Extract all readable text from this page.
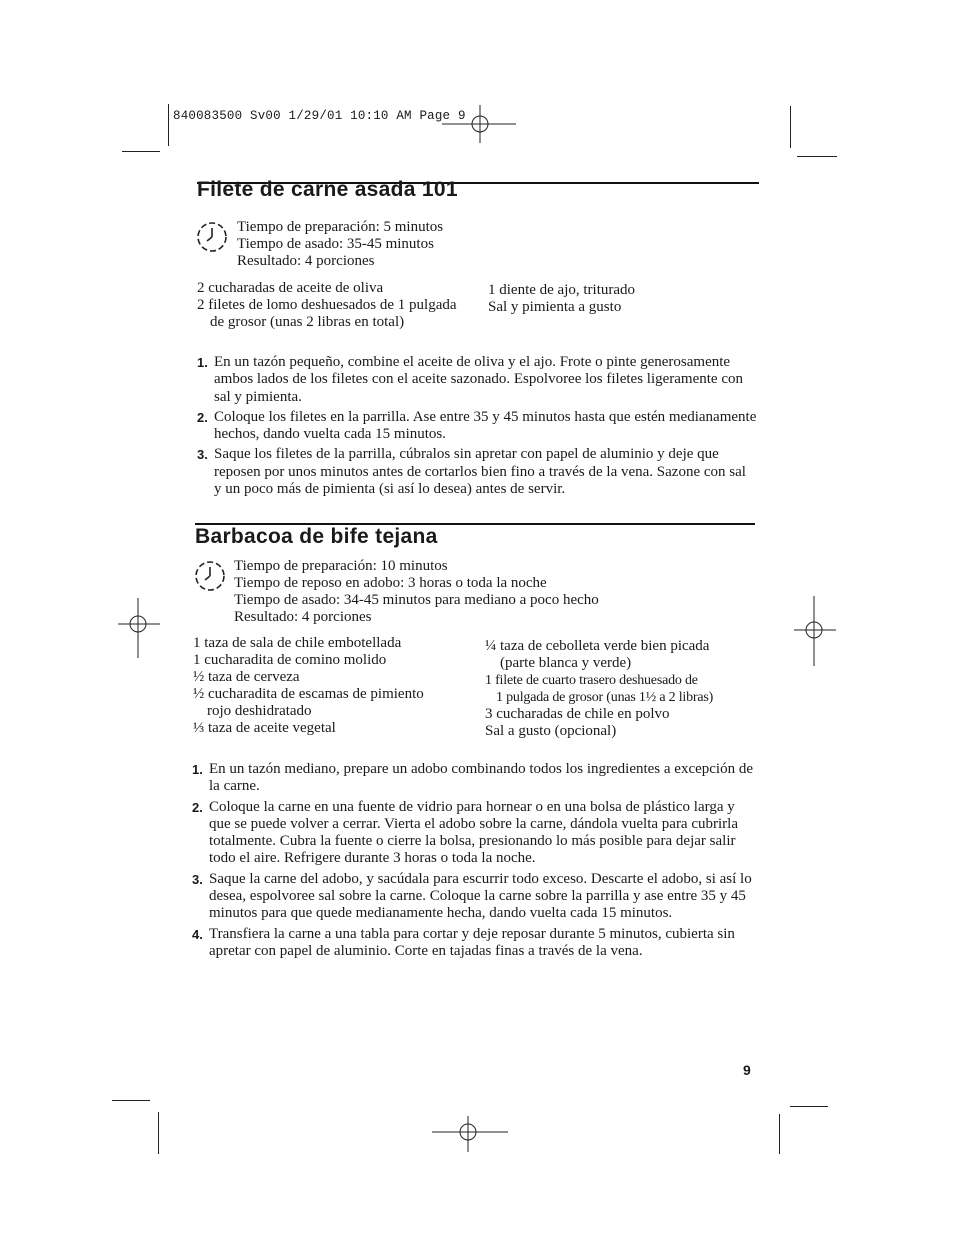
840083500 Sv00 1/29/01 10:10 AM Page 9
Filete de carne asada 101
Tiempo de preparación: 5 minutos
Tiempo de asado: 35-45 minutos
Resultado: 4 porciones
2 cucharadas de aceite de oliva
2 filetes de lomo deshuesados de 1 pulgada
de grosor (unas 2 libras en total)
1 diente de ajo, triturado
Sal y pimienta a gusto
1. En un tazón pequeño, combine el aceite de oliva y el ajo. Frote o pinte generosamente ambos lados de los filetes con el aceite sazonado. Espolvoree los filetes ligeramente con sal y pimienta.
2. Coloque los filetes en la parrilla. Ase entre 35 y 45 minutos hasta que estén medianamente hechos, dando vuelta cada 15 minutos.
3. Saque los filetes de la parrilla, cúbralos sin apretar con papel de aluminio y deje que reposen por unos minutos antes de cortarlos bien fino a través de la vena. Sazone con sal y un poco más de pimienta (si así lo desea) antes de servir.
Barbacoa de bife tejana
Tiempo de preparación: 10 minutos
Tiempo de reposo en adobo: 3 horas o toda la noche
Tiempo de asado: 34-45 minutos para mediano a poco hecho
Resultado: 4 porciones
1 taza de sala de chile embotellada
1 cucharadita de comino molido
½ taza de cerveza
½ cucharadita de escamas de pimiento
rojo deshidratado
⅓ taza de aceite vegetal
¼ taza de cebolleta verde bien picada
(parte blanca y verde)
1 filete de cuarto trasero deshuesado de
1 pulgada de grosor (unas 1½ a 2 libras)
3 cucharadas de chile en polvo
Sal a gusto (opcional)
1. En un tazón mediano, prepare un adobo combinando todos los ingredientes a excepción de la carne.
2. Coloque la carne en una fuente de vidrio para hornear o en una bolsa de plástico larga y que se puede volver a cerrar. Vierta el adobo sobre la carne, dándola vuelta para cubrirla totalmente. Cubra la fuente o cierre la bolsa, presionando lo más posible para dejar salir todo el aire. Refrigere durante 3 horas o toda la noche.
3. Saque la carne del adobo, y sacúdala para escurrir todo exceso. Descarte el adobo, si así lo desea, espolvoree sal sobre la carne. Coloque la carne sobre la parrilla y ase entre 35 y 45 minutos para que quede medianamente hecha, dando vuelta cada 15 minutos.
4. Transfiera la carne a una tabla para cortar y deje reposar durante 5 minutos, cubierta sin apretar con papel de aluminio. Corte en tajadas finas a través de la vena.
9
